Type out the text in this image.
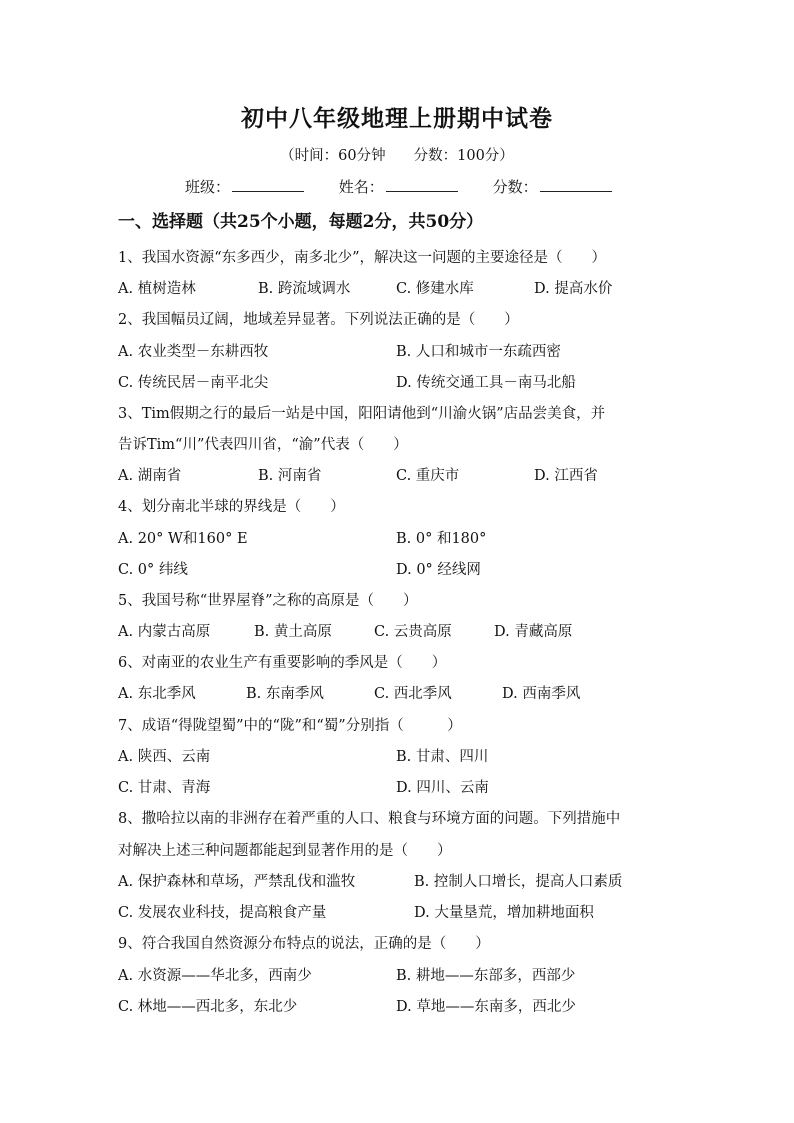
初中八年级地理上册期中试卷
（时间：60分钟 分数：100分）
班级：	姓名：	分数：
一、选择题（共25个小题，每题2分，共50分）
1、我国水资源“东多西少，南多北少”，解决这一问题的主要途径是（　　）
A. 植树造林	B. 跨流域调水	C. 修建水库	D. 提高水价
2、我国幅员辽阔，地域差异显著。下列说法正确的是（　　）
A. 农业类型－东耕西牧	B. 人口和城市一东疏西密
C. 传统民居－南平北尖	D. 传统交通工具－南马北船
3、Tim假期之行的最后一站是中国，阳阳请他到“川渝火锅”店品尝美食，并
告诉Tim“川”代表四川省，“渝”代表（　　）
A. 湖南省	B. 河南省	C. 重庆市	D. 江西省
4、划分南北半球的界线是（　　）
A. 20° W和160° E	B. 0° 和180°
C. 0° 纬线	D. 0° 经线网
5、我国号称“世界屋脊”之称的高原是（　　）
A. 内蒙古高原	B. 黄土高原	C. 云贵高原	D. 青藏高原
6、对南亚的农业生产有重要影响的季风是（　　）
A. 东北季风	B. 东南季风	C. 西北季风	D. 西南季风
7、成语“得陇望蜀”中的“陇”和“蜀”分别指（　　　）
A. 陕西、云南	B. 甘肃、四川
C. 甘肃、青海	D. 四川、云南
8、撒哈拉以南的非洲存在着严重的人口、粮食与环境方面的问题。下列措施中
对解决上述三种问题都能起到显著作用的是（　　）
A. 保护森林和草场，严禁乱伐和滥牧	B. 控制人口增长，提高人口素质
C. 发展农业科技，提高粮食产量	D. 大量垦荒，增加耕地面积
9、符合我国自然资源分布特点的说法，正确的是（　　）
A. 水资源——华北多，西南少	B. 耕地——东部多，西部少
C. 林地——西北多，东北少	D. 草地——东南多，西北少
